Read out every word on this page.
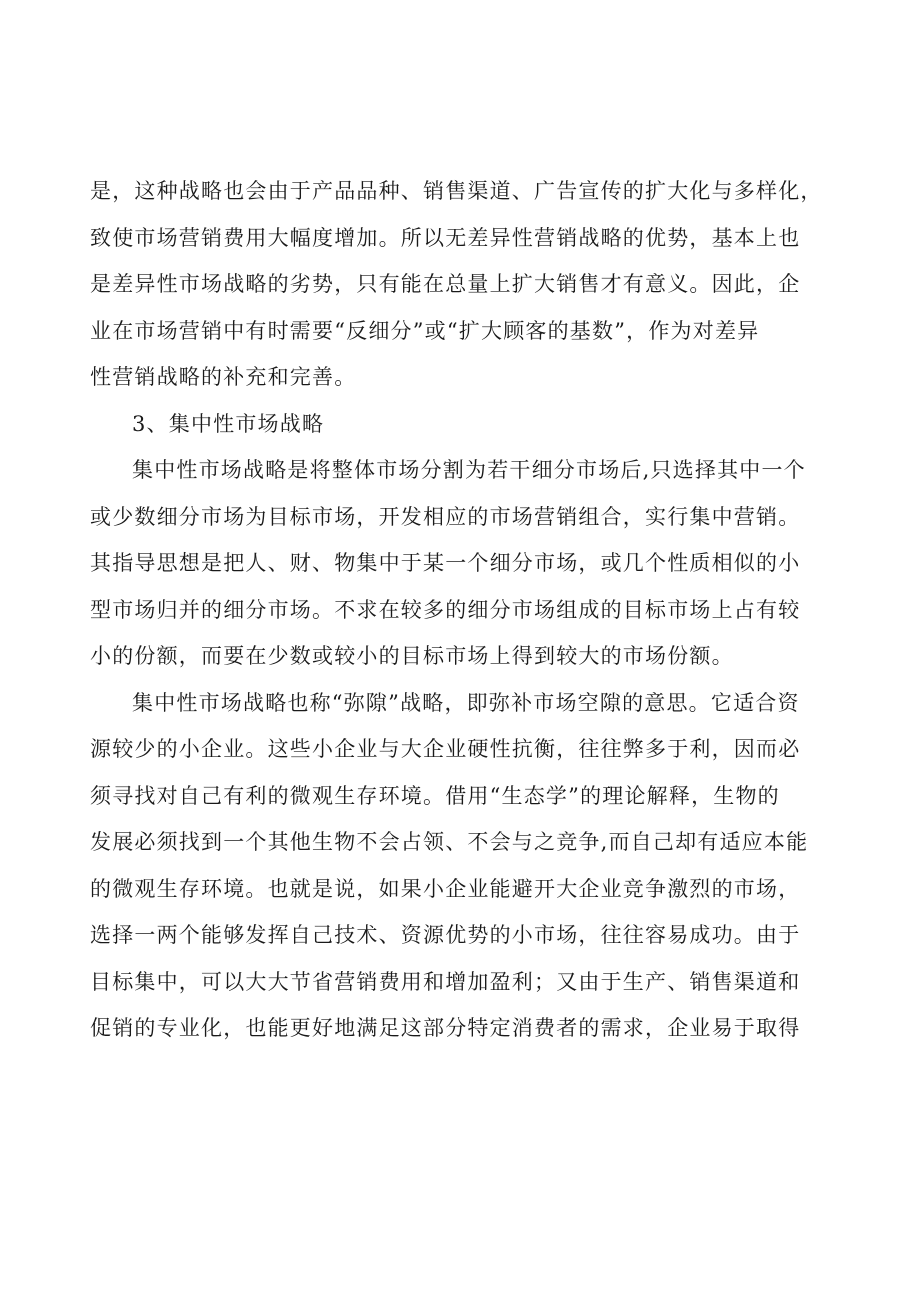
是，这种战略也会由于产品品种、销售渠道、广告宣传的扩大化与多样化，
致使市场营销费用大幅度增加。所以无差异性营销战略的优势，基本上也
是差异性市场战略的劣势，只有能在总量上扩大销售才有意义。因此，企
业在市场营销中有时需要“反细分”或“扩大顾客的基数”，作为对差异
性营销战略的补充和完善。
3、集中性市场战略
集中性市场战略是将整体市场分割为若干细分市场后,只选择其中一个
或少数细分市场为目标市场，开发相应的市场营销组合，实行集中营销。
其指导思想是把人、财、物集中于某一个细分市场，或几个性质相似的小
型市场归并的细分市场。不求在较多的细分市场组成的目标市场上占有较
小的份额，而要在少数或较小的目标市场上得到较大的市场份额。
集中性市场战略也称“弥隙”战略，即弥补市场空隙的意思。它适合资
源较少的小企业。这些小企业与大企业硬性抗衡，往往弊多于利，因而必
须寻找对自己有利的微观生存环境。借用“生态学”的理论解释，生物的
发展必须找到一个其他生物不会占领、不会与之竞争,而自己却有适应本能
的微观生存环境。也就是说，如果小企业能避开大企业竞争激烈的市场，
选择一两个能够发挥自己技术、资源优势的小市场，往往容易成功。由于
目标集中，可以大大节省营销费用和增加盈利；又由于生产、销售渠道和
促销的专业化，也能更好地满足这部分特定消费者的需求，企业易于取得
